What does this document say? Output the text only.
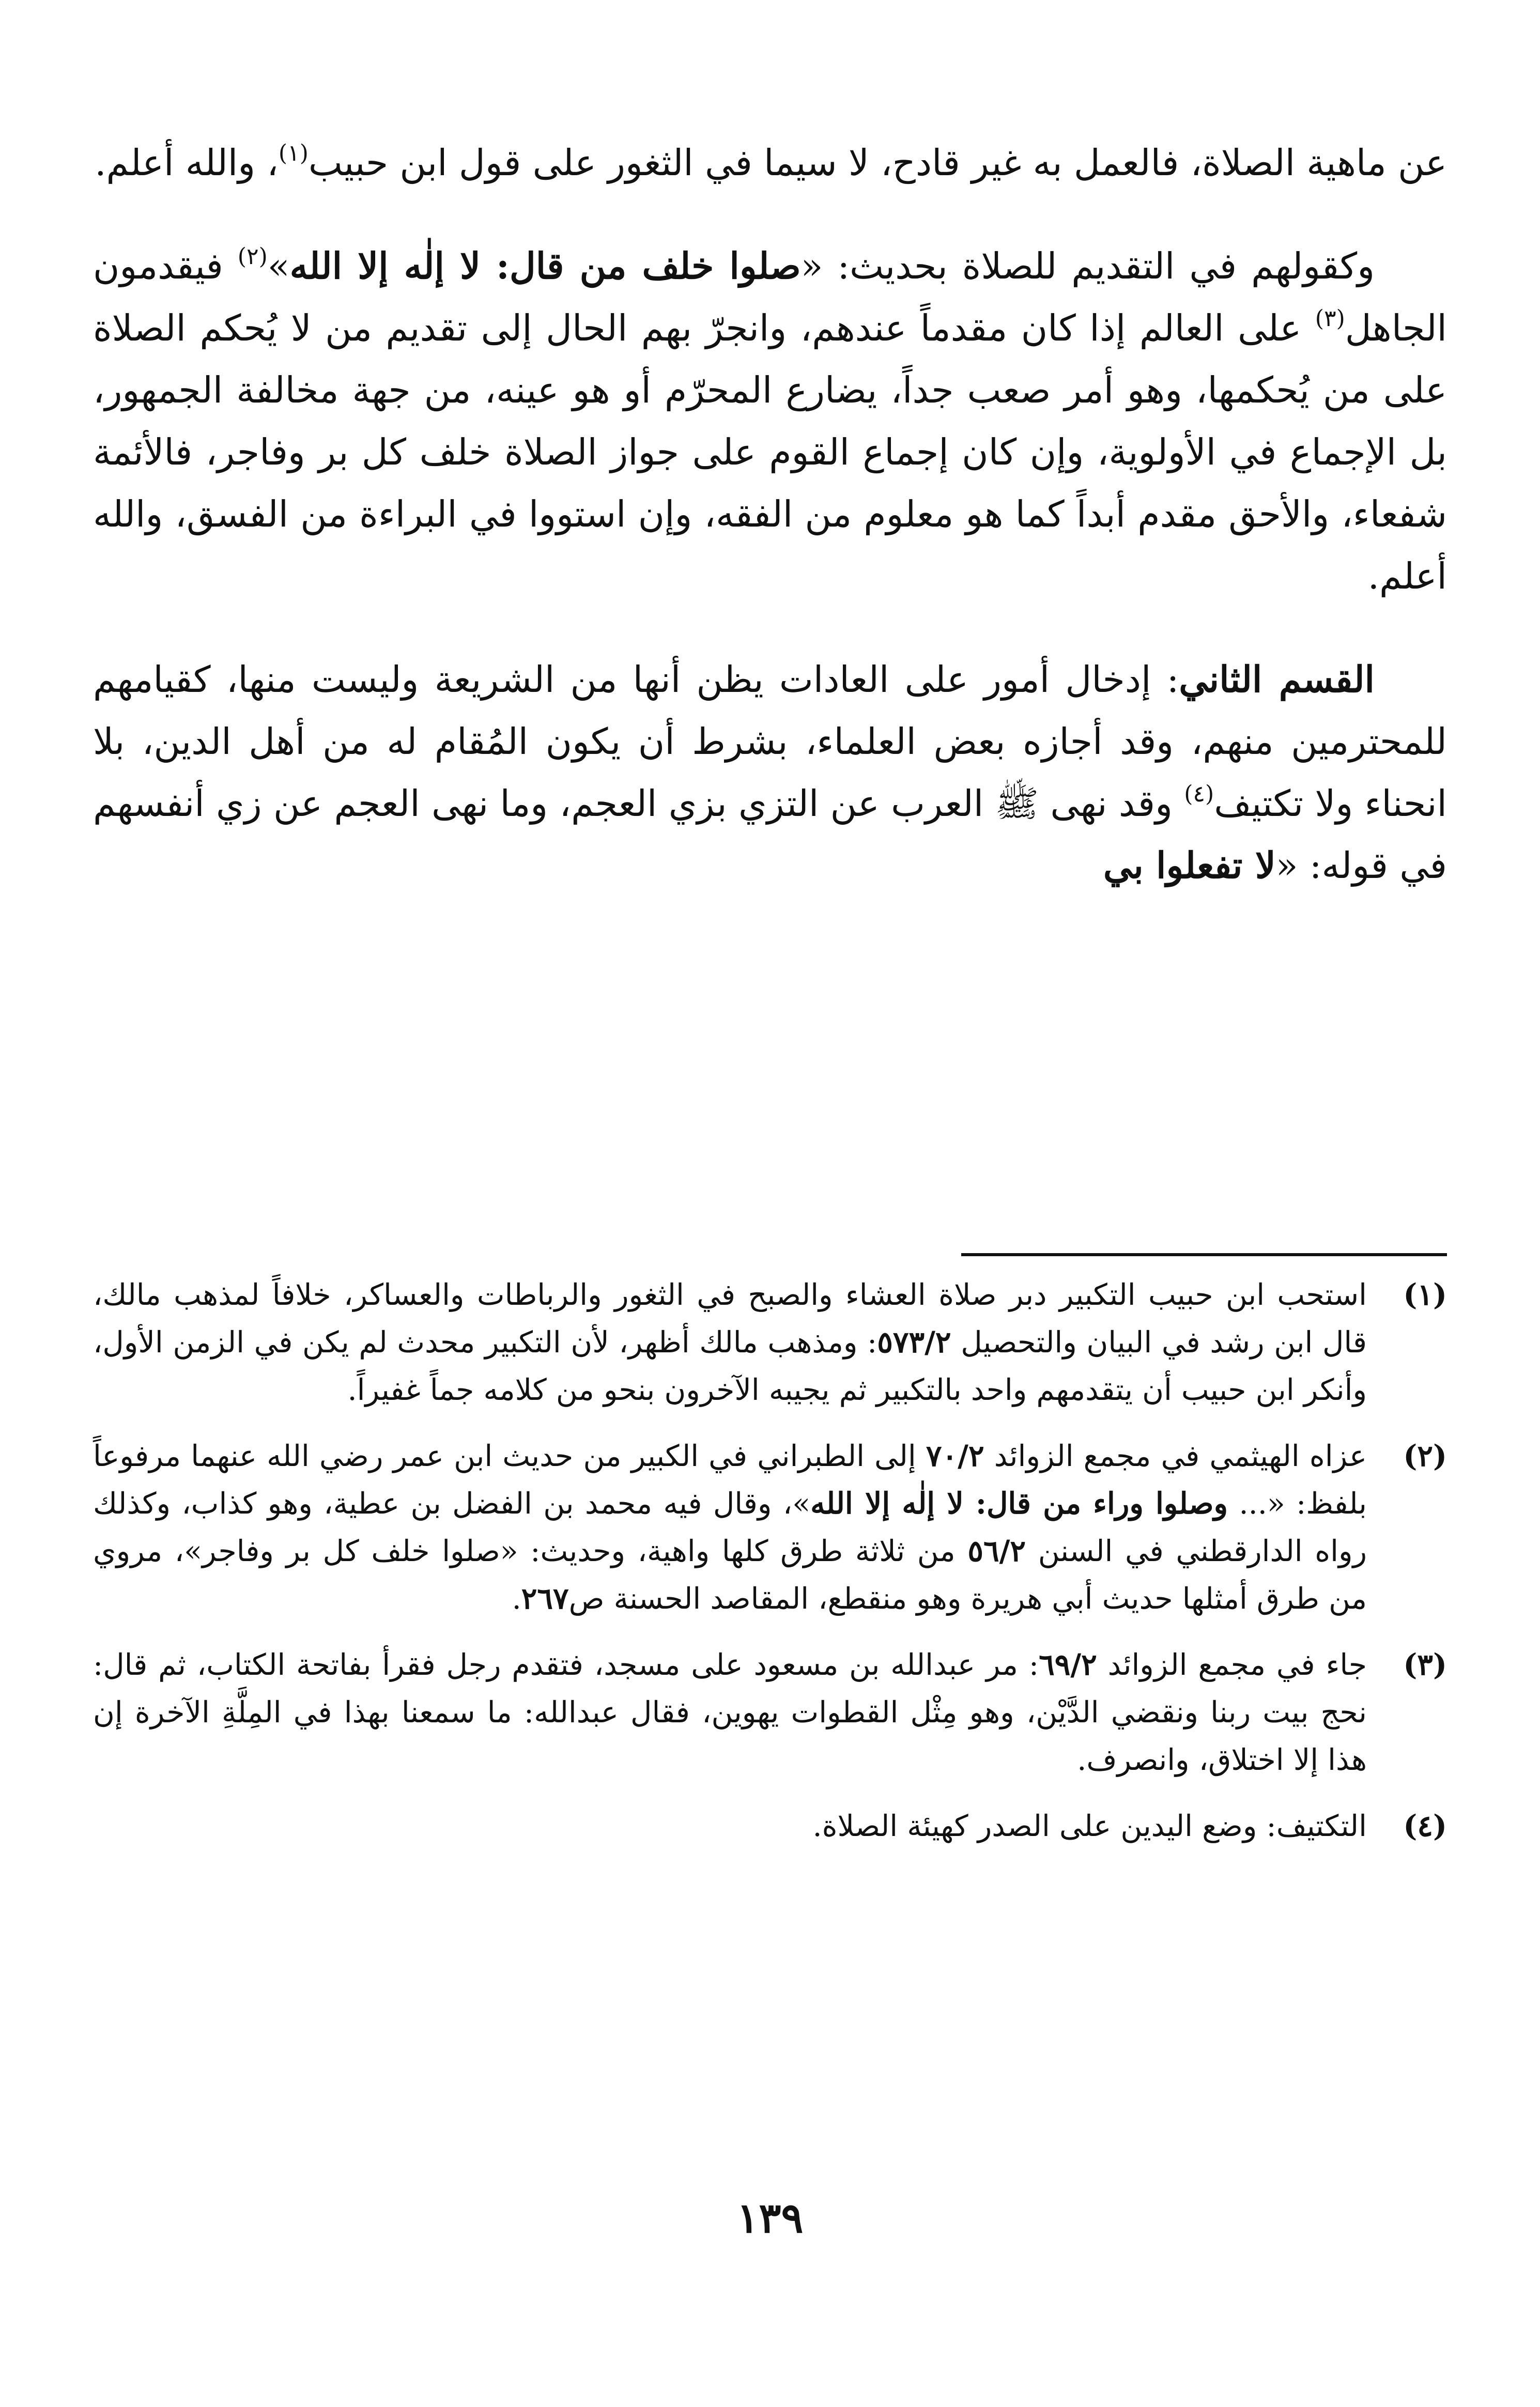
عن ماهية الصلاة، فالعمل به غير قادح، لا سيما في الثغور على قول ابن حبيب$^{(١)}$، والله أعلم.

وكقولهم في التقديم للصلاة بحديث: «صلوا خلف من قال: لا إلٰه إلا الله»$^{(٢)}$ فيقدمون الجاهل$^{(٣)}$ على العالم إذا كان مقدماً عندهم، وانجرّ بهم الحال إلى تقديم من لا يُحكم الصلاة على من يُحكمها، وهو أمر صعب جداً، يضارع المحرّم أو هو عينه، من جهة مخالفة الجمهور، بل الإجماع في الأولوية، وإن كان إجماع القوم على جواز الصلاة خلف كل بر وفاجر، فالأئمة شفعاء، والأحق مقدم أبداً كما هو معلوم من الفقه، وإن استووا في البراءة من الفسق، والله أعلم.

القسم الثاني: إدخال أمور على العادات يظن أنها من الشريعة وليست منها، كقيامهم للمحترمين منهم، وقد أجازه بعض العلماء، بشرط أن يكون المُقام له من أهل الدين، بلا انحناء ولا تكتيف$^{(٤)}$ وقد نهى ﷺ العرب عن التزي بزي العجم، وما نهى العجم عن زي أنفسهم في قوله: «لا تفعلوا بي

(١)
استحب ابن حبيب التكبير دبر صلاة العشاء والصبح في الثغور والرباطات والعساكر، خلافاً لمذهب مالك، قال ابن رشد في البيان والتحصيل ٥٧٣/٢: ومذهب مالك أظهر، لأن التكبير محدث لم يكن في الزمن الأول، وأنكر ابن حبيب أن يتقدمهم واحد بالتكبير ثم يجيبه الآخرون بنحو من كلامه جماً غفيراً.
(٢)
عزاه الهيثمي في مجمع الزوائد ٧٠/٢ إلى الطبراني في الكبير من حديث ابن عمر رضي الله عنهما مرفوعاً بلفظ: «... وصلوا وراء من قال: لا إلٰه إلا الله»، وقال فيه محمد بن الفضل بن عطية، وهو كذاب، وكذلك رواه الدارقطني في السنن ٥٦/٢ من ثلاثة طرق كلها واهية، وحديث: «صلوا خلف كل بر وفاجر»، مروي من طرق أمثلها حديث أبي هريرة وهو منقطع، المقاصد الحسنة ص٢٦٧.
(٣)
جاء في مجمع الزوائد ٦٩/٢: مر عبدالله بن مسعود على مسجد، فتقدم رجل فقرأ بفاتحة الكتاب، ثم قال: نحج بيت ربنا ونقضي الدَّيْن، وهو مِثْل القطوات يهوين، فقال عبدالله: ما سمعنا بهذا في المِلَّةِ الآخرة إن هذا إلا اختلاق، وانصرف.
(٤)
التكتيف: وضع اليدين على الصدر كهيئة الصلاة.
١٣٩
